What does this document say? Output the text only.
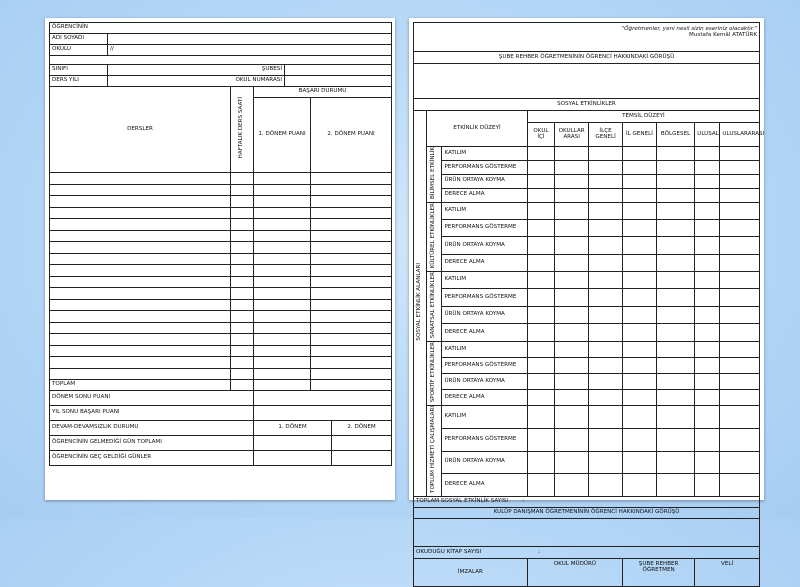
ÖĞRENCİNİN							
ADI SOYADI							
OKULU	//						

SINIFI	ŞUBESİ						
DERS YILI	OKUL NUMARASI						
DERSLER		HAFTALIK DERS SAATİ	BAŞARI DURUMU				
			1. DÖNEM PUANI		2. DÖNEM PUANI	

TOPLAM							
DÖNEM SONU PUANI							
YIL SONU BAŞARI PUANI							
DEVAM-DEVAMSIZLIK DURUMU			1. DÖNEM			2. DÖNEM	
ÖĞRENCİNİN GELMEDİĞİ GÜN TOPLAMI							
ÖĞRENCİNİN GEÇ GELDİĞİ GÜNLER							
"Öğretmenler, yeni nesil sizin eseriniz olacaktır."
Mustafa Kemâl ATATÜRK									

ŞUBE REHBER ÖĞRETMENİNİN ÖĞRENCİ HAKKINDAKİ GÖRÜŞÜ									

SOSYAL ETKİNLİKLER									
SOSYAL ETKİNLİK ALANLARI	ETKİNLİK DÜZEYİ		TEMSİL DÜZEYİ						
			OKUL İÇİ	OKULLAR ARASI	İLÇE GENELİ	İL GENELİ	BÖLGESEL	ULUSAL	ULUSLARARASI
	BİLİMSEL ETKİNLİK	KATILIM							
		PERFORMANS GÖSTERME							
		ÜRÜN ORTAYA KOYMA							
		DERECE ALMA							
	KÜLTÜREL ETKİNLİKLER	KATILIM							
		PERFORMANS GÖSTERME							
		ÜRÜN ORTAYA KOYMA							
		DERECE ALMA							
	SANATSAL ETKİNLİKLER	KATILIM							
		PERFORMANS GÖSTERME							
		ÜRÜN ORTAYA KOYMA							
		DERECE ALMA							
	SPORTİF ETKİNLİKLER	KATILIM							
		PERFORMANS GÖSTERME							
		ÜRÜN ORTAYA KOYMA							
		DERECE ALMA							
	TOPLUM HİZMETİ ÇALIŞMALARI	KATILIM							
		PERFORMANS GÖSTERME							
		ÜRÜN ORTAYA KOYMA							
		DERECE ALMA							
TOPLAM SOSYAL ETKİNLİK SAYISI :									
KULÜP DANIŞMAN ÖĞRETMENİNİN ÖĞRENCİ HAKKINDAKİ GÖRÜŞÜ									

OKUDUĞU KİTAP SAYISI :									
İMZALAR			OKUL MÜDÜRÜ			ŞUBE REHBER ÖĞRETMEN		VELİ	
